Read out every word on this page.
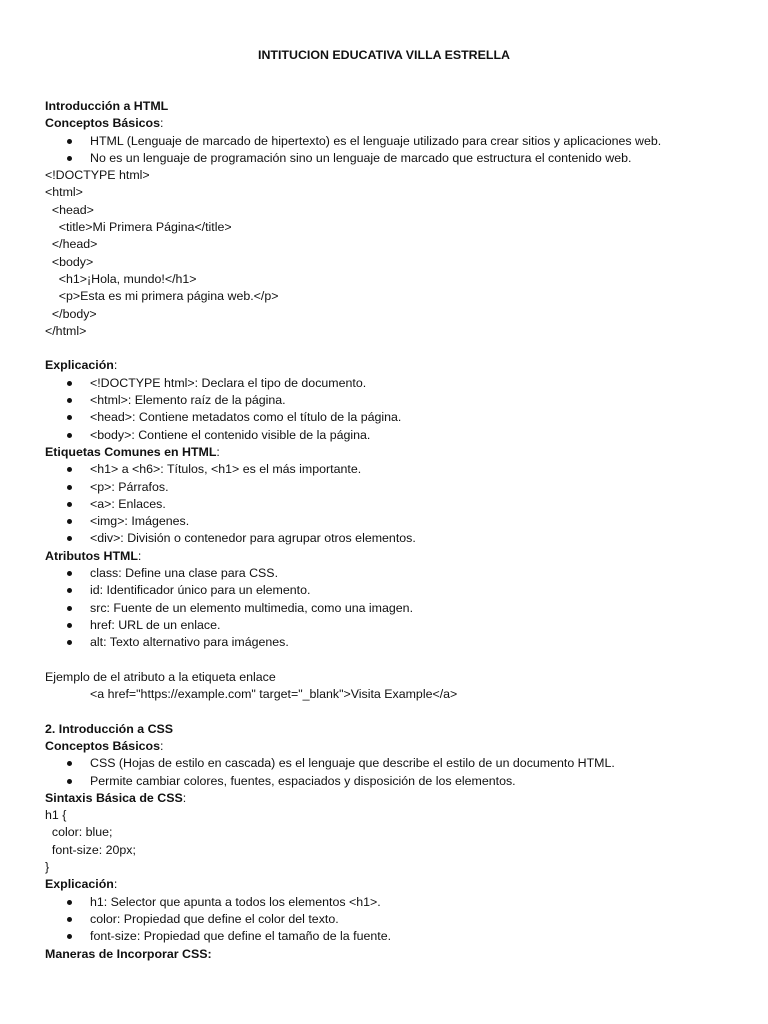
INTITUCION EDUCATIVA VILLA ESTRELLA
Introducción a HTML
Conceptos Básicos:
HTML (Lenguaje de marcado de hipertexto) es el lenguaje utilizado para crear sitios y aplicaciones web.
No es un lenguaje de programación sino un lenguaje de marcado que estructura el contenido web.
<!DOCTYPE html>
<html>
<head>
<title>Mi Primera Página</title>
</head>
<body>
<h1>¡Hola, mundo!</h1>
<p>Esta es mi primera página web.</p>
</body>
</html>
Explicación:
<!DOCTYPE html>: Declara el tipo de documento.
<html>: Elemento raíz de la página.
<head>: Contiene metadatos como el título de la página.
<body>: Contiene el contenido visible de la página.
Etiquetas Comunes en HTML:
<h1> a <h6>: Títulos, <h1> es el más importante.
<p>: Párrafos.
<a>: Enlaces.
<img>: Imágenes.
<div>: División o contenedor para agrupar otros elementos.
Atributos HTML:
class: Define una clase para CSS.
id: Identificador único para un elemento.
src: Fuente de un elemento multimedia, como una imagen.
href: URL de un enlace.
alt: Texto alternativo para imágenes.
Ejemplo de el atributo a la etiqueta enlace
<a href="https://example.com" target="_blank">Visita Example</a>
2. Introducción a CSS
Conceptos Básicos:
CSS (Hojas de estilo en cascada) es el lenguaje que describe el estilo de un documento HTML.
Permite cambiar colores, fuentes, espaciados y disposición de los elementos.
Sintaxis Básica de CSS:
h1 {
color: blue;
font-size: 20px;
}
Explicación:
h1: Selector que apunta a todos los elementos <h1>.
color: Propiedad que define el color del texto.
font-size: Propiedad que define el tamaño de la fuente.
Maneras de Incorporar CSS:
